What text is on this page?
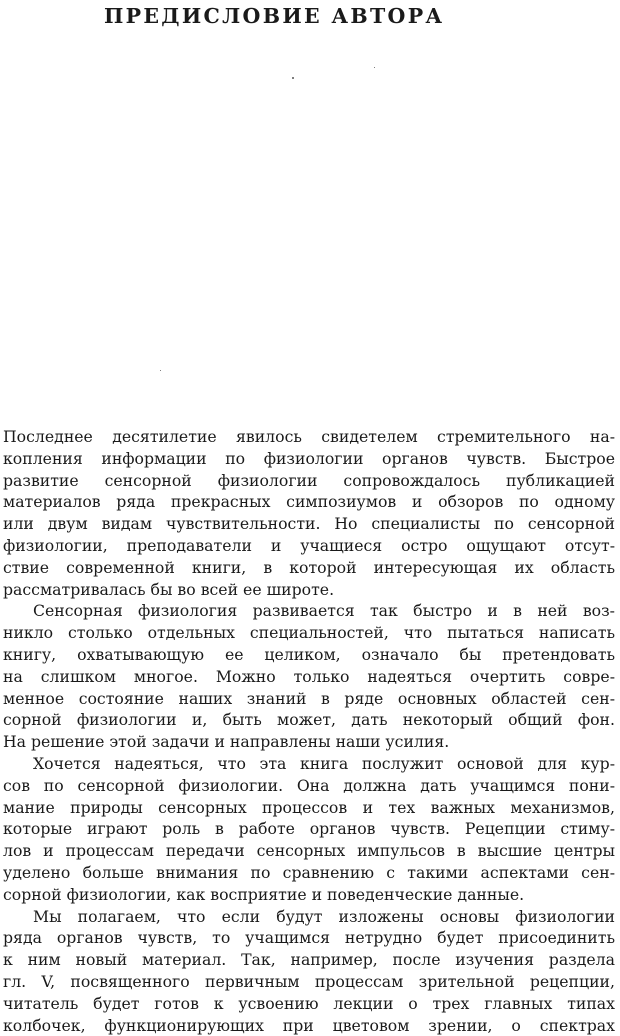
ПРЕДИСЛОВИЕ АВТОРА
Последнее десятилетие явилось свидетелем стремительного на-
копления информации по физиологии органов чувств. Быстрое
развитие сенсорной физиологии сопровождалось публикацией
материалов ряда прекрасных симпозиумов и обзоров по одному
или двум видам чувствительности. Но специалисты по сенсорной
физиологии, преподаватели и учащиеся остро ощущают отсут-
ствие современной книги, в которой интересующая их область
рассматривалась бы во всей ее широте.
Сенсорная физиология развивается так быстро и в ней воз-
никло столько отдельных специальностей, что пытаться написать
книгу, охватывающую ее целиком, означало бы претендовать
на слишком многое. Можно только надеяться очертить совре-
менное состояние наших знаний в ряде основных областей сен-
сорной физиологии и, быть может, дать некоторый общий фон.
На решение этой задачи и направлены наши усилия.
Хочется надеяться, что эта книга послужит основой для кур-
сов по сенсорной физиологии. Она должна дать учащимся пони-
мание природы сенсорных процессов и тех важных механизмов,
которые играют роль в работе органов чувств. Рецепции стиму-
лов и процессам передачи сенсорных импульсов в высшие центры
уделено больше внимания по сравнению с такими аспектами сен-
сорной физиологии, как восприятие и поведенческие данные.
Мы полагаем, что если будут изложены основы физиологии
ряда органов чувств, то учащимся нетрудно будет присоединить
к ним новый материал. Так, например, после изучения раздела
гл. V, посвященного первичным процессам зрительной рецепции,
читатель будет готов к усвоению лекции о трех главных типах
колбочек, функционирующих при цветовом зрении, о спектрах
